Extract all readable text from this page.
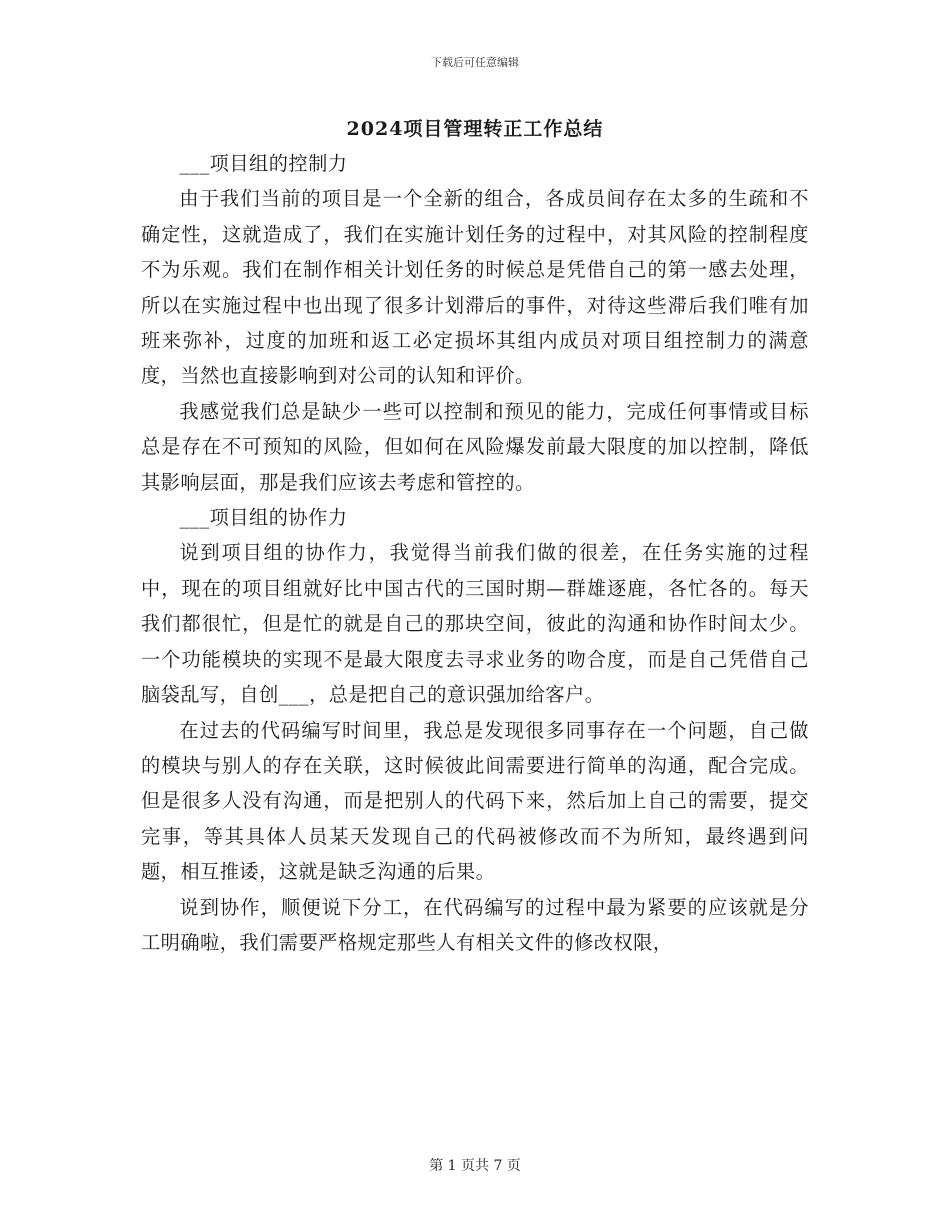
下载后可任意编辑
2024项目管理转正工作总结

___项目组的控制力

由于我们当前的项目是一个全新的组合，各成员间存在太多的生疏和不确定性，这就造成了，我们在实施计划任务的过程中，对其风险的控制程度不为乐观。我们在制作相关计划任务的时候总是凭借自己的第一感去处理，所以在实施过程中也出现了很多计划滞后的事件，对待这些滞后我们唯有加班来弥补，过度的加班和返工必定损坏其组内成员对项目组控制力的满意度，当然也直接影响到对公司的认知和评价。

我感觉我们总是缺少一些可以控制和预见的能力，完成任何事情或目标总是存在不可预知的风险，但如何在风险爆发前最大限度的加以控制，降低其影响层面，那是我们应该去考虑和管控的。

___项目组的协作力

说到项目组的协作力，我觉得当前我们做的很差，在任务实施的过程中，现在的项目组就好比中国古代的三国时期—群雄逐鹿，各忙各的。每天我们都很忙，但是忙的就是自己的那块空间，彼此的沟通和协作时间太少。一个功能模块的实现不是最大限度去寻求业务的吻合度，而是自己凭借自己脑袋乱写，自创___，总是把自己的意识强加给客户。

在过去的代码编写时间里，我总是发现很多同事存在一个问题，自己做的模块与别人的存在关联，这时候彼此间需要进行简单的沟通，配合完成。但是很多人没有沟通，而是把别人的代码下来，然后加上自己的需要，提交完事，等其具体人员某天发现自己的代码被修改而不为所知，最终遇到问题，相互推诿，这就是缺乏沟通的后果。

说到协作，顺便说下分工，在代码编写的过程中最为紧要的应该就是分工明确啦，我们需要严格规定那些人有相关文件的修改权限，

第 1 页共 7 页
